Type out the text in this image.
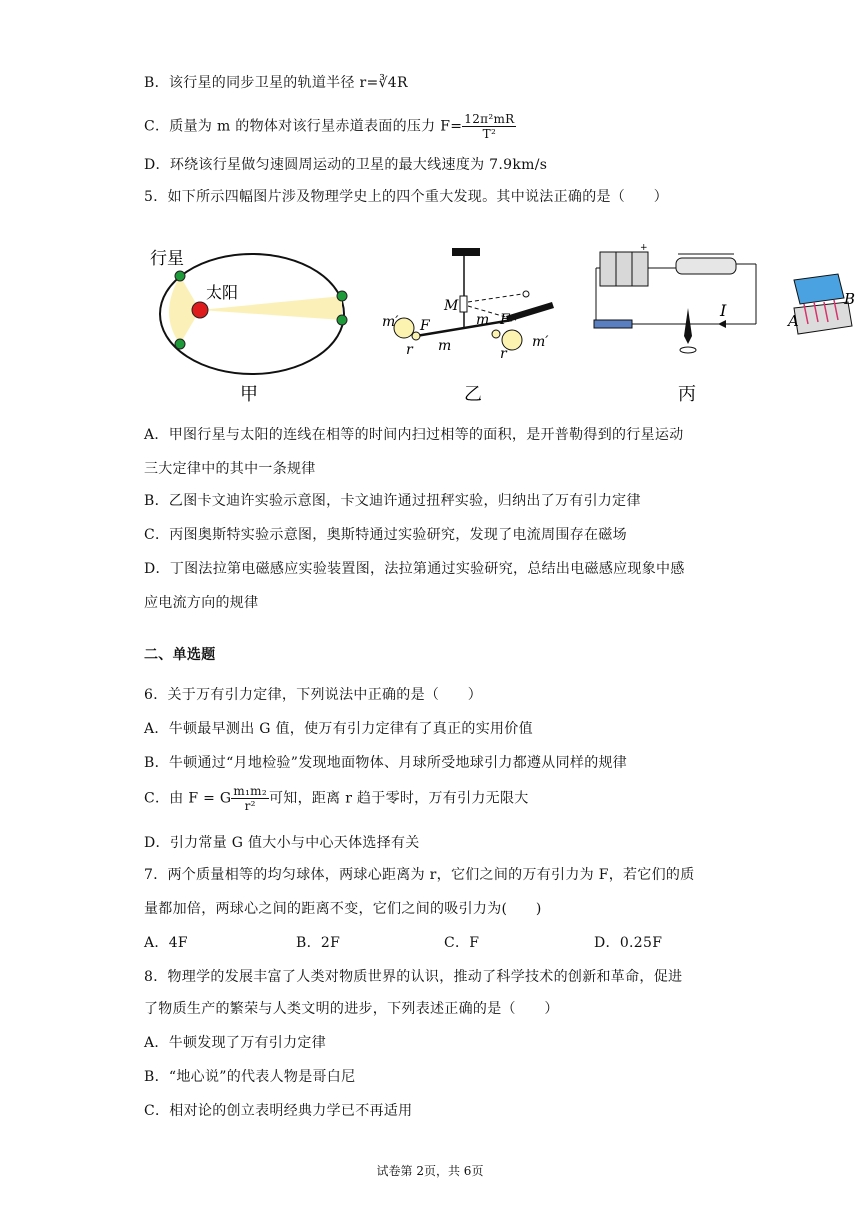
B．该行星的同步卫星的轨道半径 r=∛4R
C．质量为 m 的物体对该行星赤道表面的压力 $F= \frac{\text{12π²mR}}{\text{T²}}$
D．环绕该行星做匀速圆周运动的卫星的最大线速度为 7.9km/s
5．如下所示四幅图片涉及物理学史上的四个重大发现。其中说法正确的是（　　）
行星
太阳
甲
m′ F
r m
M
m F
r
m′
乙
+
I
丙
A
B
A．甲图行星与太阳的连线在相等的时间内扫过相等的面积，是开普勒得到的行星运动
三大定律中的其中一条规律
B．乙图卡文迪许实验示意图，卡文迪许通过扭秤实验，归纳出了万有引力定律
C．丙图奥斯特实验示意图，奥斯特通过实验研究，发现了电流周围存在磁场
D．丁图法拉第电磁感应实验装置图，法拉第通过实验研究，总结出电磁感应现象中感
应电流方向的规律
二、单选题
6．关于万有引力定律，下列说法中正确的是（　　）
A．牛顿最早测出 G 值，使万有引力定律有了真正的实用价值
B．牛顿通过“月地检验”发现地面物体、月球所受地球引力都遵从同样的规律
C．由 F = G $\frac{\text{m₁m₂}}{\text{r²}}$ 可知，距离 r 趋于零时，万有引力无限大
D．引力常量 G 值大小与中心天体选择有关
7．两个质量相等的均匀球体，两球心距离为 r，它们之间的万有引力为 F，若它们的质
量都加倍，两球心之间的距离不变，它们之间的吸引力为(　　)
A．4F	B．2F	C．F	D．0.25F
8．物理学的发展丰富了人类对物质世界的认识，推动了科学技术的创新和革命，促进
了物质生产的繁荣与人类文明的进步，下列表述正确的是（　　）
A．牛顿发现了万有引力定律
B．“地心说”的代表人物是哥白尼
C．相对论的创立表明经典力学已不再适用
试卷第 2页，共 6页
